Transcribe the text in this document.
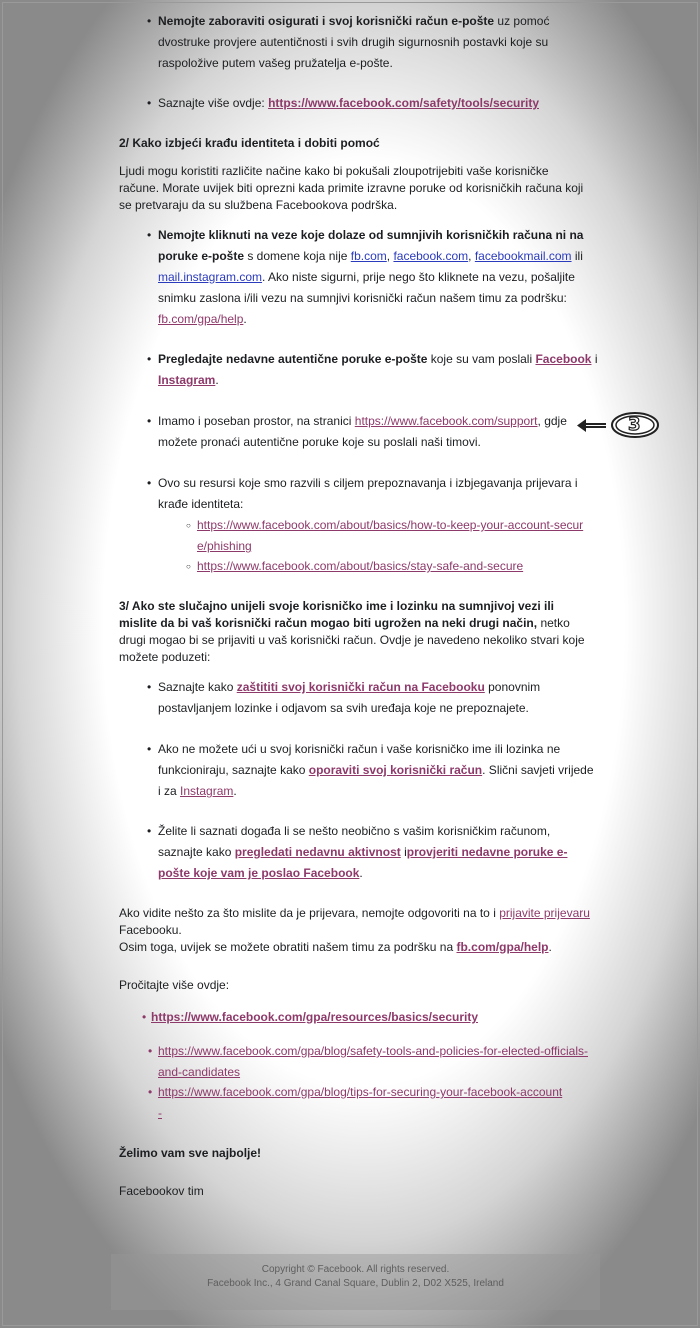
• Nemojte zaboraviti osigurati i svoj korisnički račun e-pošte uz pomoć dvostruke provjere autentičnosti i svih drugih sigurnosnih postavki koje su raspoložive putem vašeg pružatelja e-pošte.
• Saznajte više ovdje: https://www.facebook.com/safety/tools/security
2/ Kako izbjeći krađu identiteta i dobiti pomoć
Ljudi mogu koristiti različite načine kako bi pokušali zloupotrijebiti vaše korisničke račune. Morate uvijek biti oprezni kada primite izravne poruke od korisničkih računa koji se pretvaraju da su službena Facebookova podrška.
• Nemojte kliknuti na veze koje dolaze od sumnjivih korisničkih računa ni na poruke e-pošte s domene koja nije fb.com, facebook.com, facebookmail.com ili mail.instagram.com. Ako niste sigurni, prije nego što kliknete na vezu, pošaljite snimku zaslona i/ili vezu na sumnjivi korisnički račun našem timu za podršku: fb.com/gpa/help.
• Pregledajte nedavne autentične poruke e-pošte koje su vam poslali Facebook i Instagram.
• Imamo i poseban prostor, na stranici https://www.facebook.com/support, gdje možete pronaći autentične poruke koje su poslali naši timovi.
3
• Ovo su resursi koje smo razvili s ciljem prepoznavanja i izbjegavanja prijevara i krađe identiteta:
○ https://www.facebook.com/about/basics/how-to-keep-your-account-secure/phishing
○ https://www.facebook.com/about/basics/stay-safe-and-secure
3/ Ako ste slučajno unijeli svoje korisničko ime i lozinku na sumnjivoj vezi ili mislite da bi vaš korisnički račun mogao biti ugrožen na neki drugi način, netko drugi mogao bi se prijaviti u vaš korisnički račun. Ovdje je navedeno nekoliko stvari koje možete poduzeti:
• Saznajte kako zaštititi svoj korisnički račun na Facebooku ponovnim postavljanjem lozinke i odjavom sa svih uređaja koje ne prepoznajete.
• Ako ne možete ući u svoj korisnički račun i vaše korisničko ime ili lozinka ne funkcioniraju, saznajte kako oporaviti svoj korisnički račun. Slični savjeti vrijede i za Instagram.
• Želite li saznati događa li se nešto neobično s vašim korisničkim računom, saznajte kako pregledati nedavnu aktivnost iprovjeriti nedavne poruke e-pošte koje vam je poslao Facebook.
Ako vidite nešto za što mislite da je prijevara, nemojte odgovoriti na to i prijavite prijevaru Facebooku.
Osim toga, uvijek se možete obratiti našem timu za podršku na fb.com/gpa/help.
Pročitajte više ovdje:
• https://www.facebook.com/gpa/resources/basics/security
• https://www.facebook.com/gpa/blog/safety-tools-and-policies-for-elected-officials-and-candidates
• https://www.facebook.com/gpa/blog/tips-for-securing-your-facebook-account-
Želimo vam sve najbolje!
Facebookov tim
Copyright © Facebook. All rights reserved.
Facebook Inc., 4 Grand Canal Square, Dublin 2, D02 X525, Ireland
